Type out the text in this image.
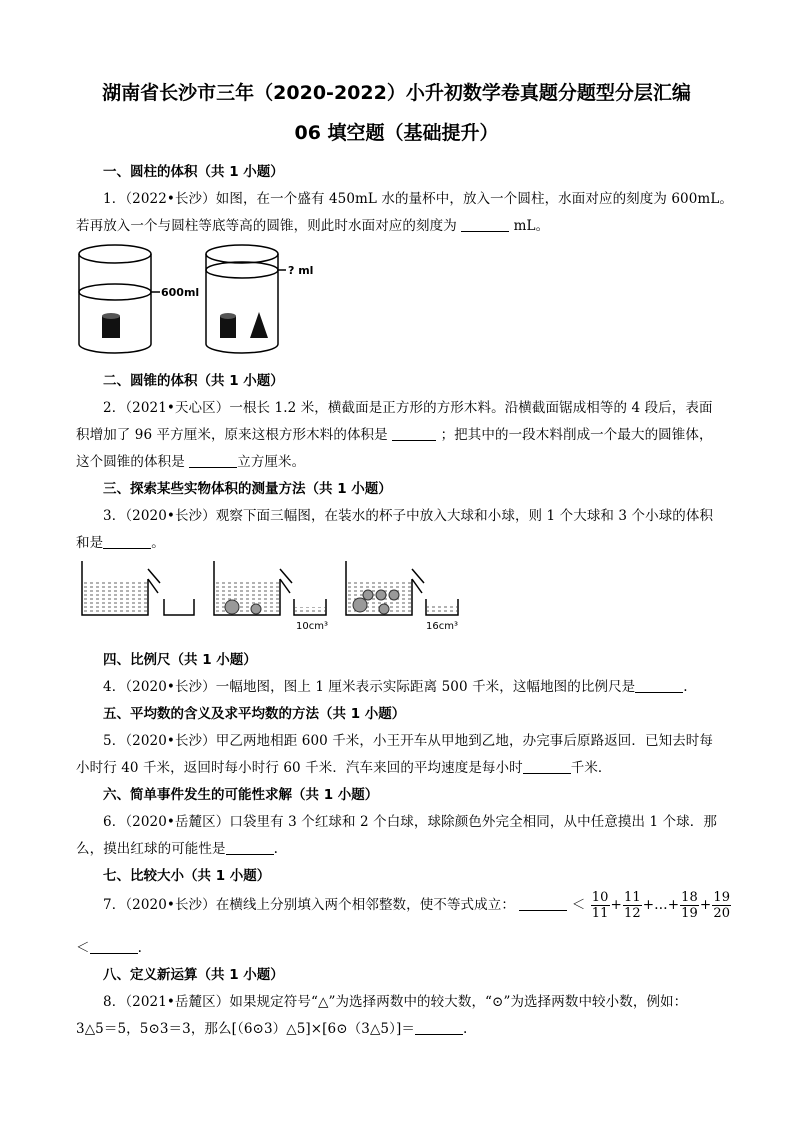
湖南省长沙市三年（2020-2022）小升初数学卷真题分题型分层汇编
06 填空题（基础提升）
一、圆柱的体积（共 1 小题）
1．（2022•长沙）如图，在一个盛有 450mL 水的量杯中，放入一个圆柱，水面对应的刻度为 600mL。
若再放入一个与圆柱等底等高的圆锥，则此时水面对应的刻度为	mL。
600ml
? ml
二、圆锥的体积（共 1 小题）
2．（2021•天心区）一根长 1.2 米，横截面是正方形的方形木料。沿横截面锯成相等的 4 段后，表面
积增加了 96 平方厘米，原来这根方形木料的体积是	；把其中的一段木料削成一个最大的圆锥体，
这个圆锥的体积是	立方厘米。
三、探索某些实物体积的测量方法（共 1 小题）
3．（2020•长沙）观察下面三幅图，在装水的杯子中放入大球和小球，则 1 个大球和 3 个小球的体积
和是	。
10cm³	16cm³
四、比例尺（共 1 小题）
4．（2020•长沙）一幅地图，图上 1 厘米表示实际距离 500 千米，这幅地图的比例尺是	.
五、平均数的含义及求平均数的方法（共 1 小题）
5．（2020•长沙）甲乙两地相距 600 千米，小王开车从甲地到乙地，办完事后原路返回．已知去时每
小时行 40 千米，返回时每小时行 60 千米．汽车来回的平均速度是每小时	千米．
六、简单事件发生的可能性求解（共 1 小题）
6．（2020•岳麓区）口袋里有 3 个红球和 2 个白球，球除颜色外完全相同，从中任意摸出 1 个球．那
么，摸出红球的可能性是	.
七、比较大小（共 1 小题）
7．（2020•长沙）在横线上分别填入两个相邻整数，使不等式成立：	＜ $\frac{10}{11} + \frac{11}{12}$ +…+ $\frac{18}{19} + \frac{19}{20}$
＜	.
八、定义新运算（共 1 小题）
8．（2021•岳麓区）如果规定符号“△”为选择两数中的较大数，“⊙”为选择两数中较小数，例如：
3△5＝5，5⊙3＝3，那么[（6⊙3）△5]×[6⊙（3△5）]＝	.
